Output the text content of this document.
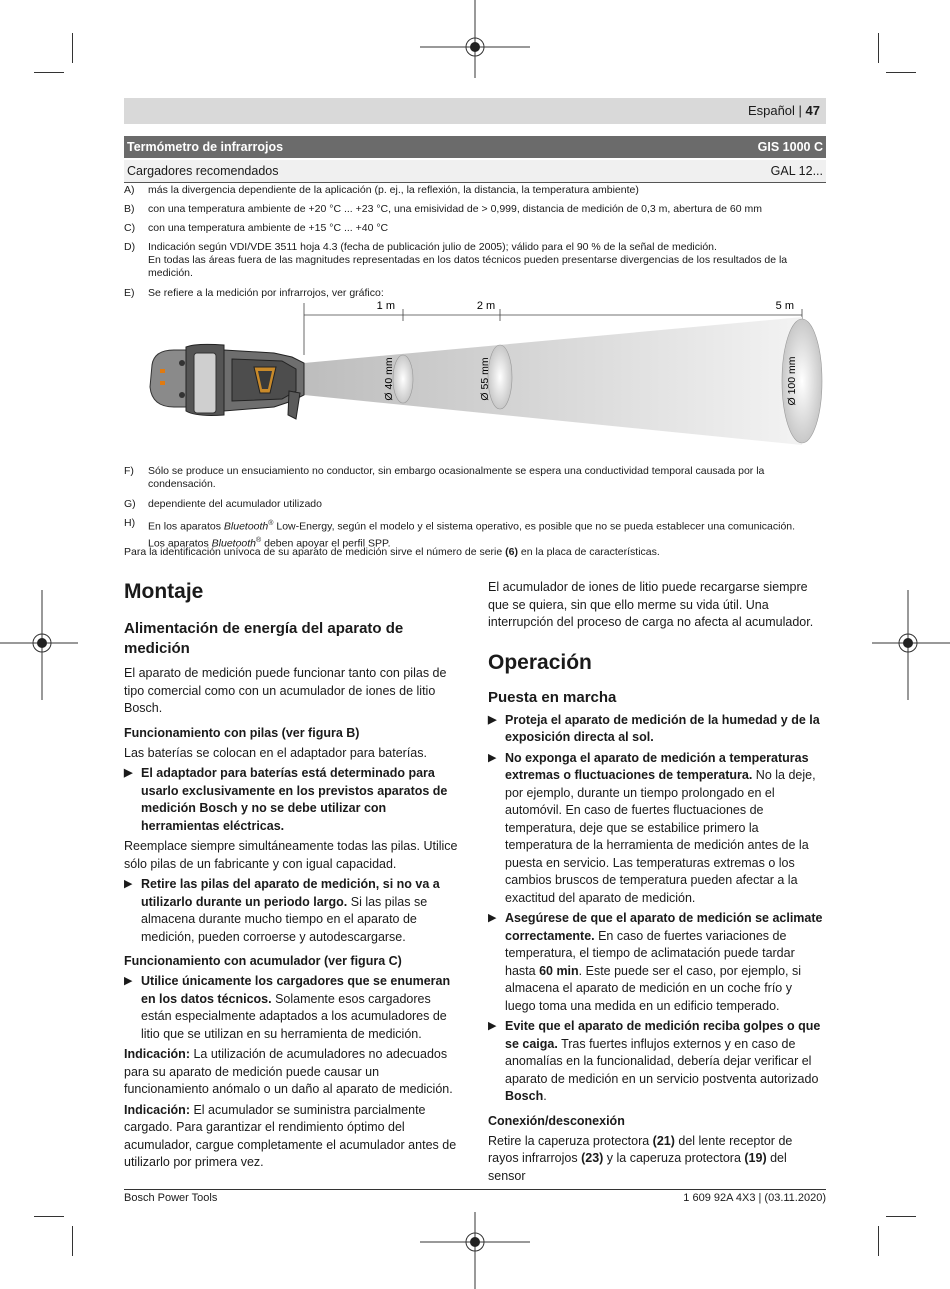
Español | 47
Termómetro de infrarrojos	GIS 1000 C
Cargadores recomendados	GAL 12...
A)	más la divergencia dependiente de la aplicación (p. ej., la reflexión, la distancia, la temperatura ambiente)
B)	con una temperatura ambiente de +20 °C ... +23 °C, una emisividad de > 0,999, distancia de medición de 0,3 m, abertura de 60 mm
C)	con una temperatura ambiente de +15 °C ... +40 °C
D)	Indicación según VDI/VDE 3511 hoja 4.3 (fecha de publicación julio de 2005); válido para el 90 % de la señal de medición.
En todas las áreas fuera de las magnitudes representadas en los datos técnicos pueden presentarse divergencias de los resultados de la medición.
E)	Se refiere a la medición por infrarrojos, ver gráfico:
1 m	2 m	5 m
Ø 40 mm	Ø 55 mm	Ø 100 mm
F)	Sólo se produce un ensuciamiento no conductor, sin embargo ocasionalmente se espera una conductividad temporal causada por la condensación.
G)	dependiente del acumulador utilizado
H)	En los aparatos Bluetooth® Low-Energy, según el modelo y el sistema operativo, es posible que no se pueda establecer una comunicación.
Los aparatos Bluetooth® deben apoyar el perfil SPP.
Para la identificación unívoca de su aparato de medición sirve el número de serie (6) en la placa de características.
Montaje
Alimentación de energía del aparato de medición

El aparato de medición puede funcionar tanto con pilas de tipo comercial como con un acumulador de iones de litio Bosch.

Funcionamiento con pilas (ver figura B)

Las baterías se colocan en el adaptador para baterías.

▶ El adaptador para baterías está determinado para usarlo exclusivamente en los previstos aparatos de medición Bosch y no se debe utilizar con herramientas eléctricas.

Reemplace siempre simultáneamente todas las pilas. Utilice sólo pilas de un fabricante y con igual capacidad.

▶ Retire las pilas del aparato de medición, si no va a utilizarlo durante un periodo largo. Si las pilas se almacena durante mucho tiempo en el aparato de medición, pueden corroerse y autodescargarse.

Funcionamiento con acumulador (ver figura C)

▶ Utilice únicamente los cargadores que se enumeran en los datos técnicos. Solamente esos cargadores están especialmente adaptados a los acumuladores de litio que se utilizan en su herramienta de medición.

Indicación: La utilización de acumuladores no adecuados para su aparato de medición puede causar un funcionamiento anómalo o un daño al aparato de medición.

Indicación: El acumulador se suministra parcialmente cargado. Para garantizar el rendimiento óptimo del acumulador, cargue completamente el acumulador antes de utilizarlo por primera vez.

El acumulador de iones de litio puede recargarse siempre que se quiera, sin que ello merme su vida útil. Una interrupción del proceso de carga no afecta al acumulador.

Operación
Puesta en marcha

▶ Proteja el aparato de medición de la humedad y de la exposición directa al sol.

▶ No exponga el aparato de medición a temperaturas extremas o fluctuaciones de temperatura. No la deje, por ejemplo, durante un tiempo prolongado en el automóvil. En caso de fuertes fluctuaciones de temperatura, deje que se estabilice primero la temperatura de la herramienta de medición antes de la puesta en servicio. Las temperaturas extremas o los cambios bruscos de temperatura pueden afectar a la exactitud del aparato de medición.

▶ Asegúrese de que el aparato de medición se aclimate correctamente. En caso de fuertes variaciones de temperatura, el tiempo de aclimatación puede tardar hasta 60 min. Este puede ser el caso, por ejemplo, si almacena el aparato de medición en un coche frío y luego toma una medida en un edificio temperado.

▶ Evite que el aparato de medición reciba golpes o que se caiga. Tras fuertes influjos externos y en caso de anomalías en la funcionalidad, debería dejar verificar el aparato de medición en un servicio postventa autorizado Bosch.

Conexión/desconexión

Retire la caperuza protectora (21) del lente receptor de rayos infrarrojos (23) y la caperuza protectora (19) del sensor

Bosch Power Tools	1 609 92A 4X3 | (03.11.2020)
